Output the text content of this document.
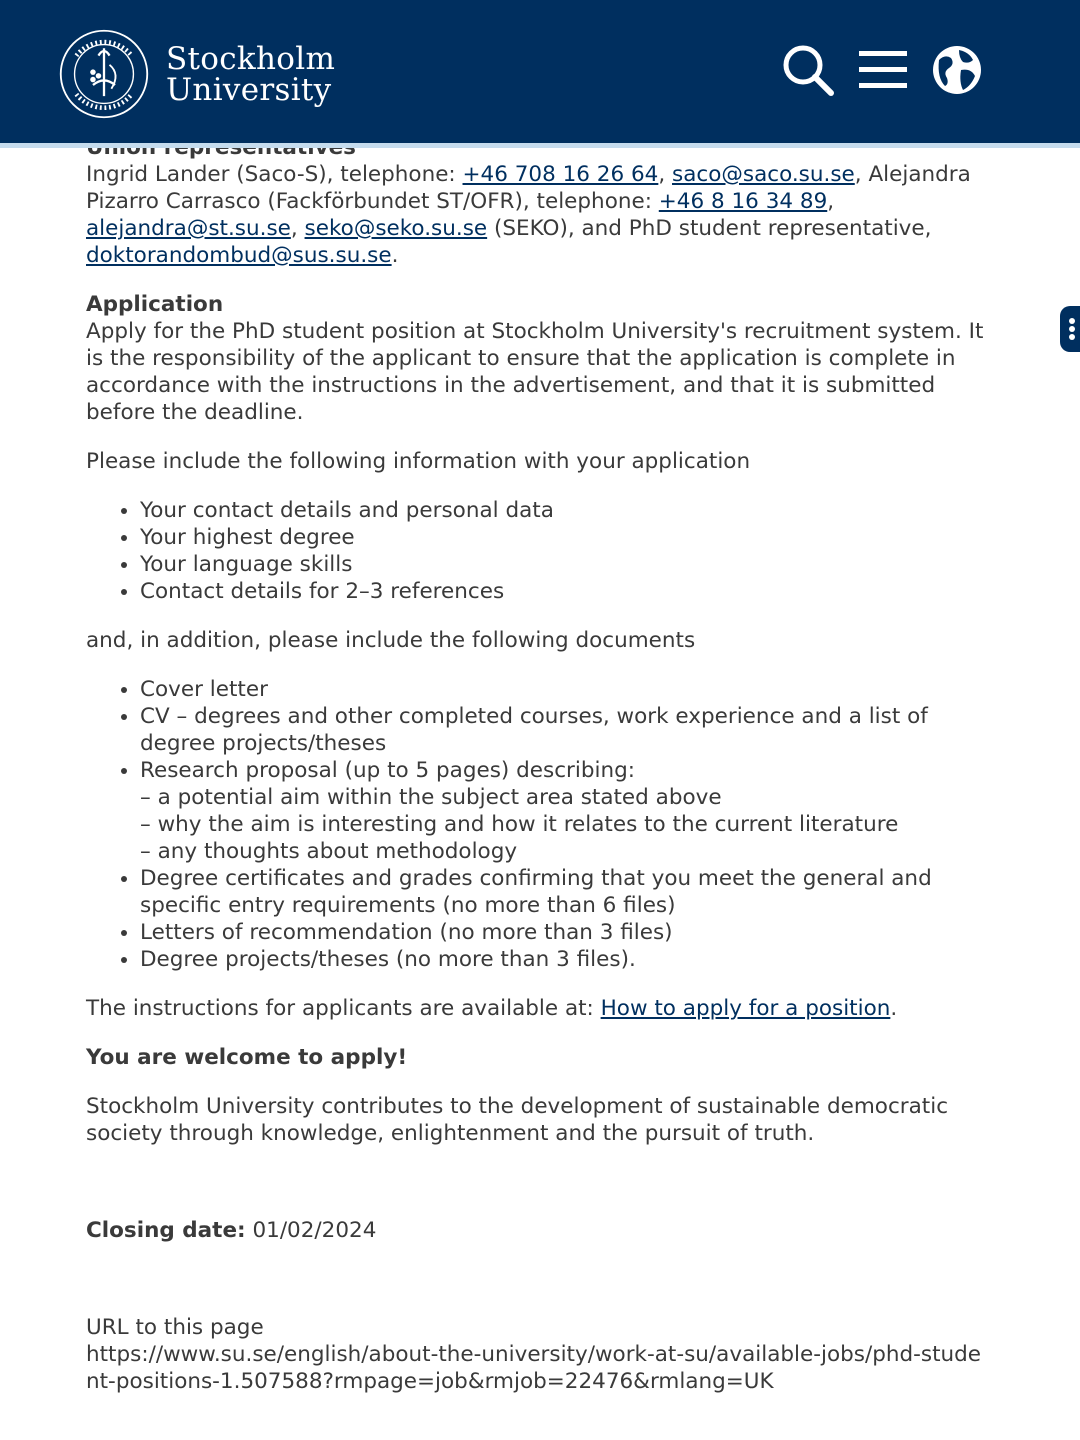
Stockholm
University

Ingrid Lander (Saco-S), telephone: +46 708 16 26 64, saco@saco.su.se, Alejandra Pizarro Carrasco (Fackförbundet ST/OFR), telephone: +46 8 16 34 89, alejandra@st.su.se, seko@seko.su.se (SEKO), and PhD student representative, doktorandombud@sus.su.se.

Application

Apply for the PhD student position at Stockholm University's recruitment system. It is the responsibility of the applicant to ensure that the application is complete in accordance with the instructions in the advertisement, and that it is submitted before the deadline.

Please include the following information with your application

• Your contact details and personal data
• Your highest degree
• Your language skills
• Contact details for 2–3 references

and, in addition, please include the following documents

• Cover letter
• CV – degrees and other completed courses, work experience and a list of degree projects/theses
• Research proposal (up to 5 pages) describing:
– a potential aim within the subject area stated above
– why the aim is interesting and how it relates to the current literature
– any thoughts about methodology
• Degree certificates and grades confirming that you meet the general and specific entry requirements (no more than 6 files)
• Letters of recommendation (no more than 3 files)
• Degree projects/theses (no more than 3 files).

The instructions for applicants are available at: How to apply for a position.

You are welcome to apply!

Stockholm University contributes to the development of sustainable democratic society through knowledge, enlightenment and the pursuit of truth.

Closing date: 01/02/2024

URL to this page

https://www.su.se/english/about-the-university/work-at-su/available-jobs/phd-student-positions-1.507588?rmpage=job&rmjob=22476&rmlang=UK
